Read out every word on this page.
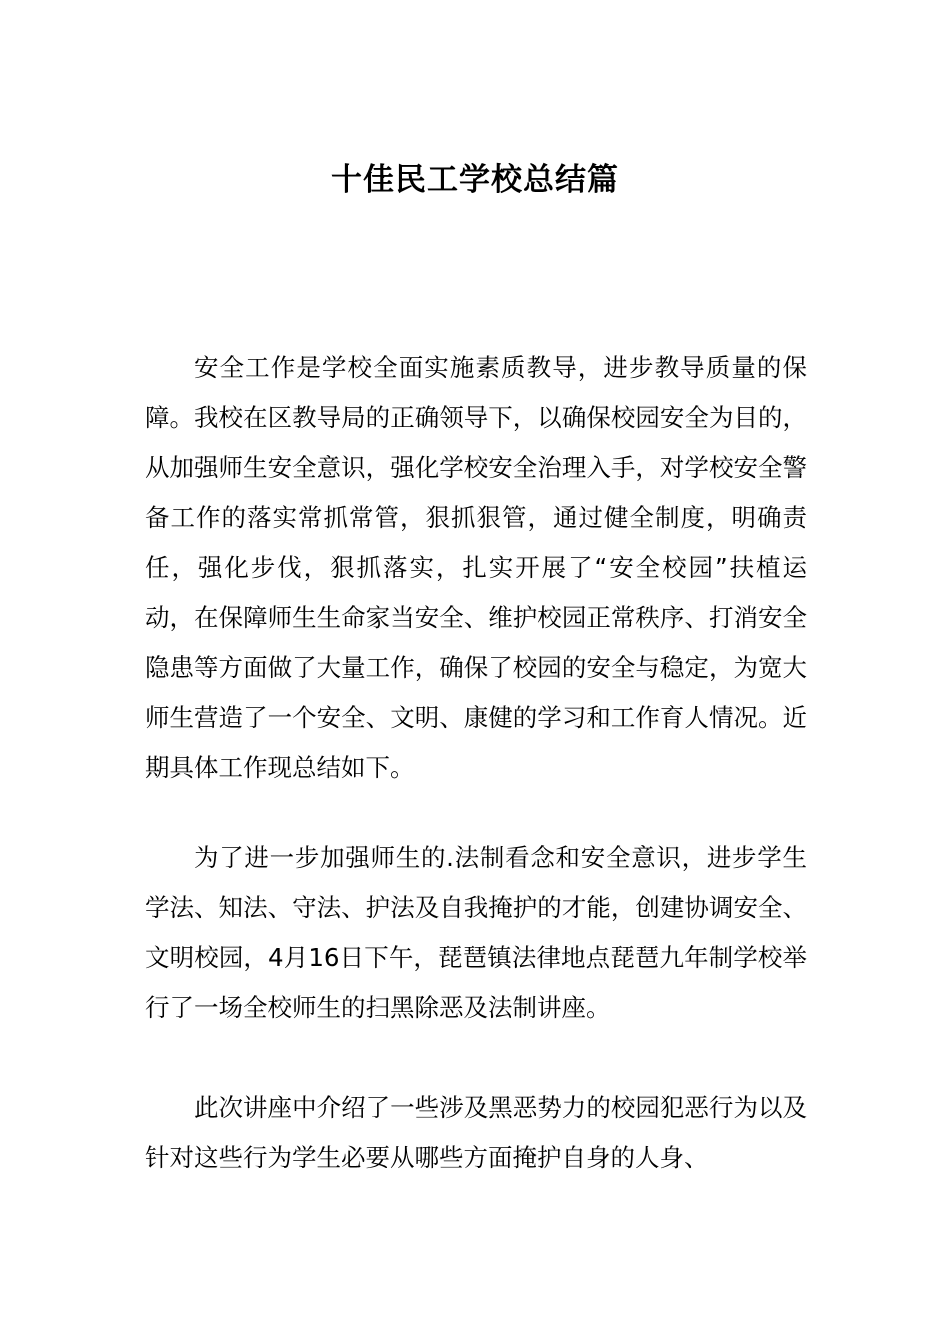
十佳民工学校总结篇

安全工作是学校全面实施素质教导，进步教导质量的保障。我校在区教导局的正确领导下，以确保校园安全为目的，从加强师生安全意识，强化学校安全治理入手，对学校安全警备工作的落实常抓常管，狠抓狠管，通过健全制度，明确责任，强化步伐，狠抓落实，扎实开展了“安全校园”扶植运动，在保障师生生命家当安全、维护校园正常秩序、打消安全隐患等方面做了大量工作，确保了校园的安全与稳定，为宽大师生营造了一个安全、文明、康健的学习和工作育人情况。近期具体工作现总结如下。

为了进一步加强师生的.法制看念和安全意识，进步学生学法、知法、守法、护法及自我掩护的才能，创建协调安全、文明校园，4月16日下午，琵琶镇法律地点琵琶九年制学校举行了一场全校师生的扫黑除恶及法制讲座。

此次讲座中介绍了一些涉及黑恶势力的校园犯恶行为以及针对这些行为学生必要从哪些方面掩护自身的人身、
